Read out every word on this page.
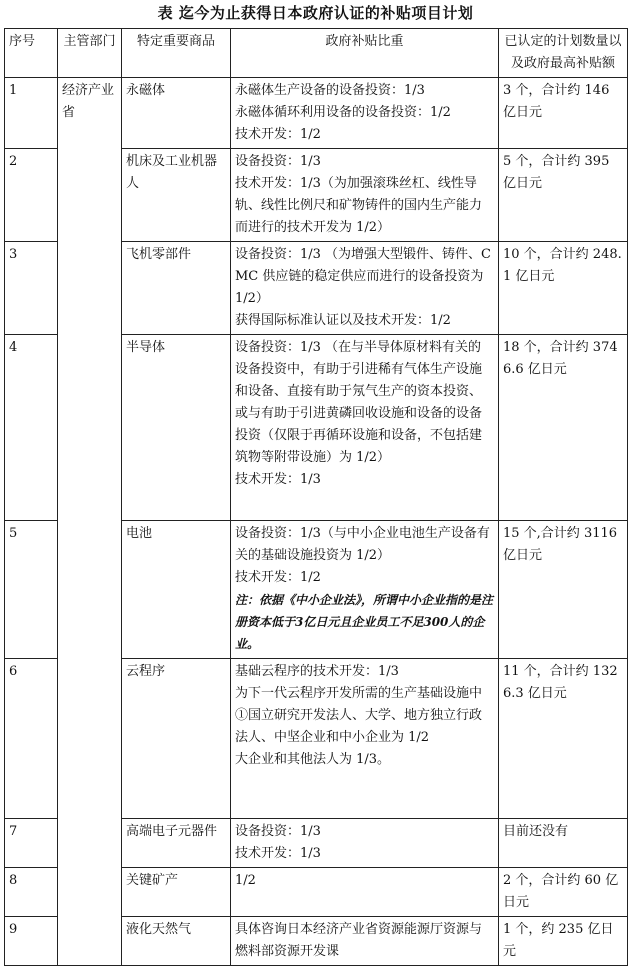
表 迄今为止获得日本政府认证的补贴项目计划
序号	主管部门	特定重要商品	政府补贴比重	已认定的计划数量以及政府最高补贴额
1	经济产业省	永磁体	永磁体生产设备的设备投资：1/3
永磁体循环利用设备的设备投资：1/2
技术开发：1/2	3 个，合计约 146 亿日元
2		机床及工业机器人	设备投资：1/3
技术开发：1/3（为加强滚珠丝杠、线性导轨、线性比例尺和矿物铸件的国内生产能力而进行的技术开发为 1/2）	5 个，合计约 395 亿日元
3		飞机零部件	设备投资：1/3 （为增强大型锻件、铸件、CMC 供应链的稳定供应而进行的设备投资为 1/2）
获得国际标准认证以及技术开发：1/2	10 个，合计约 248.1 亿日元
4		半导体	设备投资：1/3 （在与半导体原材料有关的设备投资中，有助于引进稀有气体生产设施和设备、直接有助于氖气生产的资本投资、或与有助于引进黄磷回收设施和设备的设备投资（仅限于再循环设施和设备，不包括建筑物等附带设施）为 1/2）
技术开发：1/3	18 个，合计约 3746.6 亿日元
5		电池	设备投资：1/3（与中小企业电池生产设备有关的基础设施投资为 1/2）
技术开发：1/2
注：依据《中小企业法》，所谓中小企业指的是注册资本低于3亿日元且企业员工不足300人的企业。	15 个,合计约 3116 亿日元
6		云程序	基础云程序的技术开发：1/3
为下一代云程序开发所需的生产基础设施中
①国立研究开发法人、大学、地方独立行政法人、中坚企业和中小企业为 1/2
大企业和其他法人为 1/3。	11 个，合计约 1326.3 亿日元
7		高端电子元器件	设备投资：1/3
技术开发：1/3	目前还没有
8		关键矿产	1/2	2 个，合计约 60 亿日元
9		液化天然气	具体咨询日本经济产业省资源能源厅资源与燃料部资源开发课	1 个，约 235 亿日元
